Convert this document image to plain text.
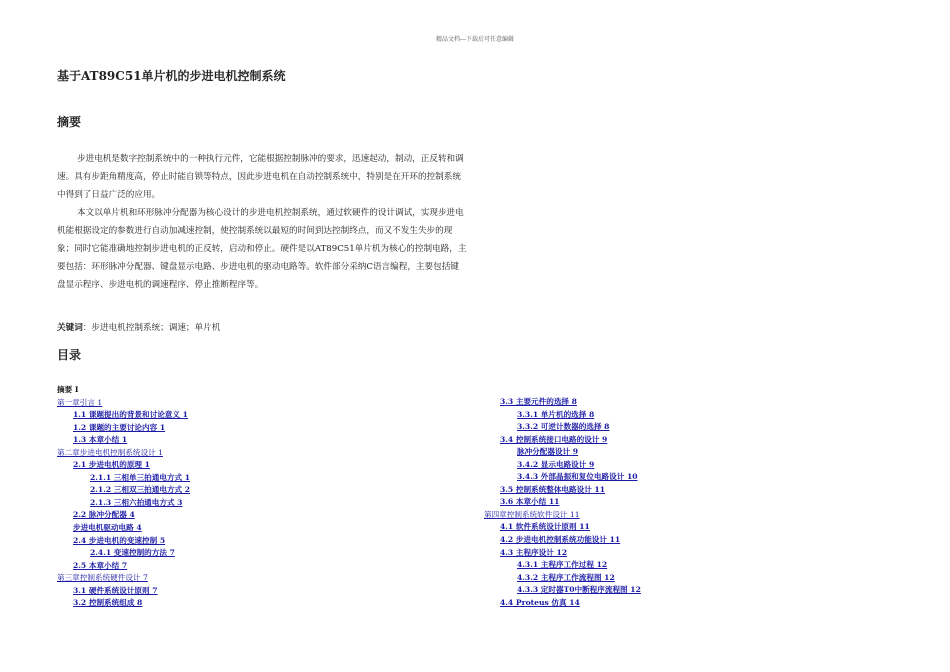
精品文档---下载后可任意编辑
基于AT89C51单片机的步进电机控制系统
摘要

步进电机是数字控制系统中的一种执行元件，它能根据控制脉冲的要求，迅速起动，制动，正反转和调速。具有步距角精度高，停止时能自锁等特点，因此步进电机在自动控制系统中，特别是在开环的控制系统中得到了日益广泛的应用。

本文以单片机和环形脉冲分配器为核心设计的步进电机控制系统，通过软硬件的设计调试，实现步进电机能根据设定的参数进行自动加减速控制，使控制系统以最短的时间到达控制终点，而又不发生失步的现象；同时它能准确地控制步进电机的正反转，启动和停止。硬件是以AT89C51单片机为核心的控制电路，主要包括：环形脉冲分配器、键盘显示电路、步进电机的驱动电路等。软件部分采纳C语言编程，主要包括键盘显示程序、步进电机的调速程序、停止推断程序等。

关键词：步进电机控制系统；调速；单片机
目录
摘要 I
第一章引言 1
1.1 课题提出的背景和讨论意义 1
1.2 课题的主要讨论内容 1
1.3 本章小结 1
第二章步进电机控制系统设计 1
2.1 步进电机的原理 1
2.1.1 三相单三拍通电方式 1
2.1.2 三相双三拍通电方式 2
2.1.3 三相六拍通电方式 3
2.2 脉冲分配器 4
步进电机驱动电路 4
2.4 步进电机的变速控制 5
2.4.1 变速控制的方法 7
2.5 本章小结 7
第三章控制系统硬件设计 7
3.1 硬件系统设计原则 7
3.2 控制系统组成 8
3.3 主要元件的选择 8
3.3.1 单片机的选择 8
3.3.2 可逆计数器的选择 8
3.4 控制系统接口电路的设计 9
脉冲分配器设计 9
3.4.2 显示电路设计 9
3.4.3 外部晶振和复位电路设计 10
3.5 控制系统整体电路设计 11
3.6 本章小结 11
第四章控制系统软件设计 11
4.1 软件系统设计原则 11
4.2 步进电机控制系统功能设计 11
4.3 主程序设计 12
4.3.1 主程序工作过程 12
4.3.2 主程序工作流程图 12
4.3.3 定时器T0中断程序流程图 12
4.4 Proteus 仿真 14
